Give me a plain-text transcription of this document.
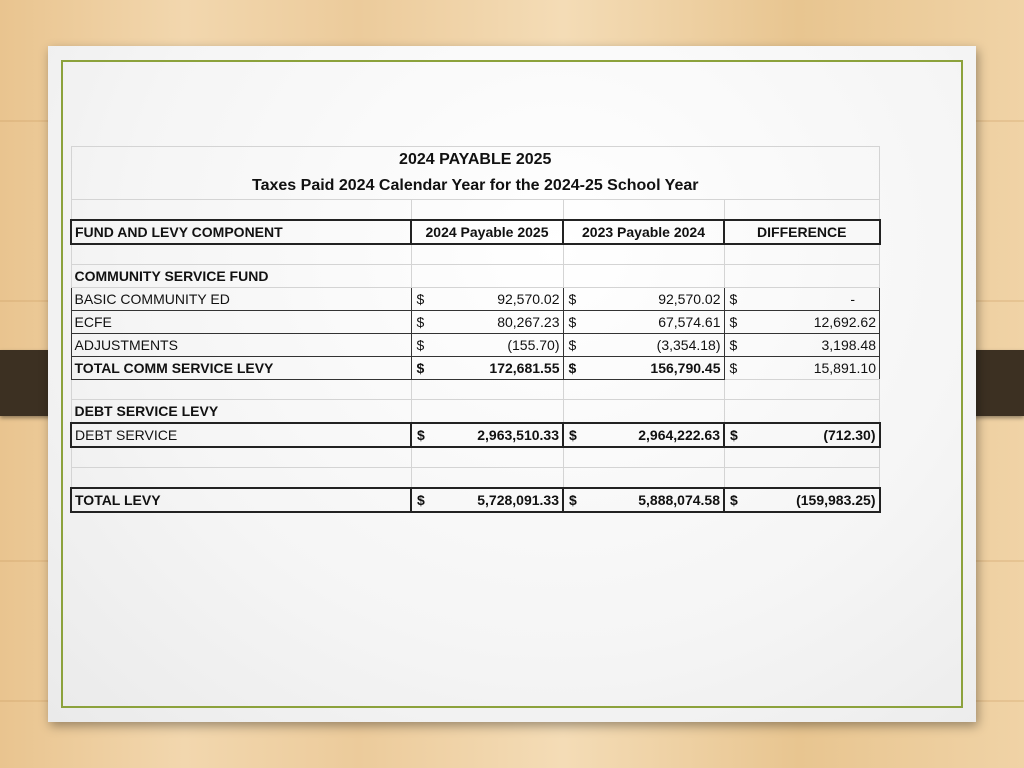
2024 PAYABLE 2025						
Taxes Paid 2024 Calendar Year for the 2024-25 School Year						

FUND AND LEVY COMPONENT	2024 Payable 2025		2023 Payable 2024		DIFFERENCE	

COMMUNITY SERVICE FUND						
BASIC COMMUNITY ED	$	92,570.02	$	92,570.02	$	-
ECFE	$	80,267.23	$	67,574.61	$	12,692.62
ADJUSTMENTS	$	(155.70)	$	(3,354.18)	$	3,198.48
TOTAL COMM SERVICE LEVY	$	172,681.55	$	156,790.45	$	15,891.10

DEBT SERVICE LEVY						
DEBT SERVICE	$	2,963,510.33	$	2,964,222.63	$	(712.30)

TOTAL LEVY	$	5,728,091.33	$	5,888,074.58	$	(159,983.25)
